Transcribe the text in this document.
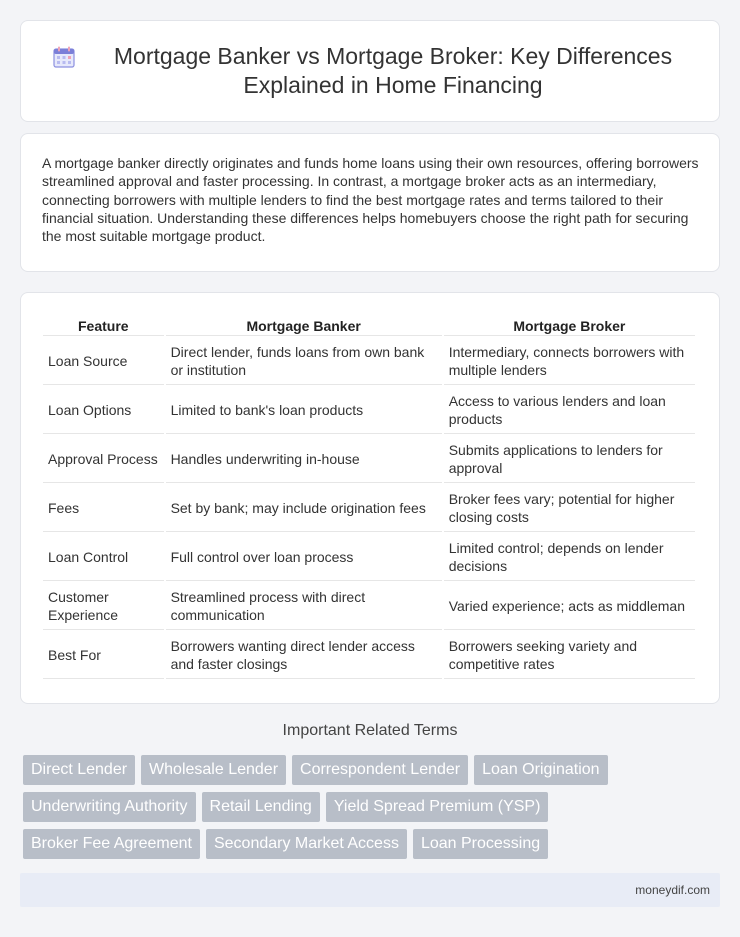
Mortgage Banker vs Mortgage Broker: Key Differences Explained in Home Financing

A mortgage banker directly originates and funds home loans using their own resources, offering borrowers streamlined approval and faster processing. In contrast, a mortgage broker acts as an intermediary, connecting borrowers with multiple lenders to find the best mortgage rates and terms tailored to their financial situation. Understanding these differences helps homebuyers choose the right path for securing the most suitable mortgage product.

Feature	Mortgage Banker	Mortgage Broker
Loan Source	Direct lender, funds loans from own bank or institution	Intermediary, connects borrowers with multiple lenders
Loan Options	Limited to bank's loan products	Access to various lenders and loan products
Approval Process	Handles underwriting in-house	Submits applications to lenders for approval
Fees	Set by bank; may include origination fees	Broker fees vary; potential for higher closing costs
Loan Control	Full control over loan process	Limited control; depends on lender decisions
Customer Experience	Streamlined process with direct communication	Varied experience; acts as middleman
Best For	Borrowers wanting direct lender access and faster closings	Borrowers seeking variety and competitive rates
Important Related Terms
Direct Lender	Wholesale Lender	Correspondent Lender	Loan Origination
Underwriting Authority	Retail Lending	Yield Spread Premium (YSP)
Broker Fee Agreement	Secondary Market Access	Loan Processing
moneydif.com
